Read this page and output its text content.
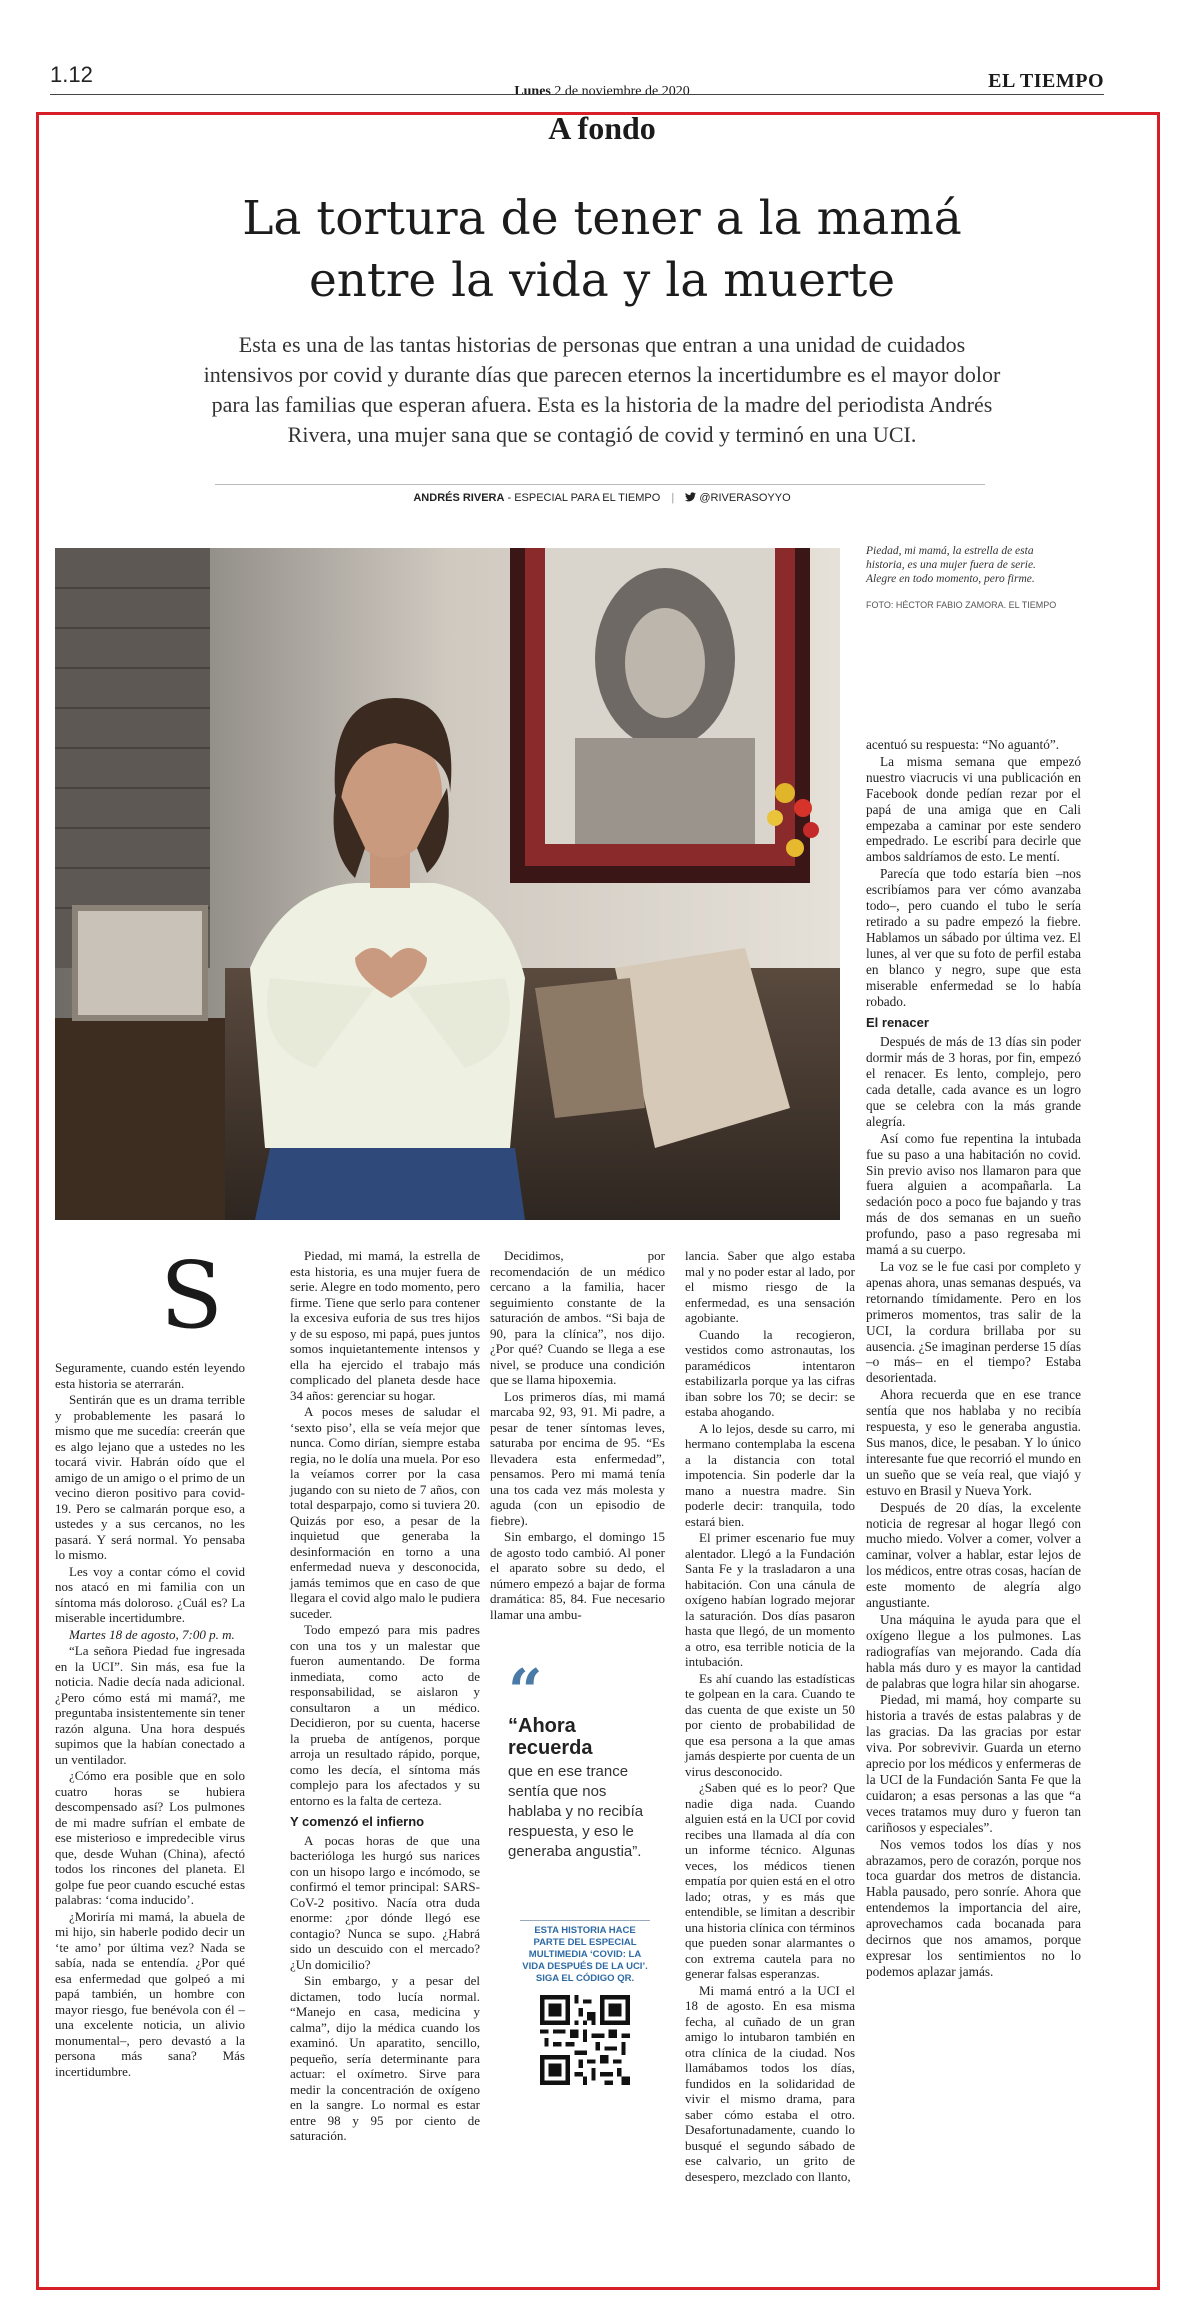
1.12
Lunes 2 de noviembre de 2020	EL TIEMPO
A fondo
La tortura de tener a la mamá
entre la vida y la muerte
Esta es una de las tantas historias de personas que entran a una unidad de cuidados intensivos por covid y durante días que parecen eternos la incertidumbre es el mayor dolor para las familias que esperan afuera. Esta es la historia de la madre del periodista Andrés Rivera, una mujer sana que se contagió de covid y terminó en una UCI.
ANDRÉS RIVERA - ESPECIAL PARA EL TIEMPO | @RIVERASOYYO
Piedad, mi mamá, la estrella de esta historia, es una mujer fuera de serie. Alegre en todo momento, pero firme.
FOTO: HÉCTOR FABIO ZAMORA. EL TIEMPO
S

Seguramente, cuando estén leyendo esta historia se aterrarán.

Sentirán que es un drama terrible y probablemente les pasará lo mismo que me sucedía: creerán que es algo lejano que a ustedes no les tocará vivir. Habrán oído que el amigo de un amigo o el primo de un vecino dieron positivo para covid-19. Pero se calmarán porque eso, a ustedes y a sus cercanos, no les pasará. Y será normal. Yo pensaba lo mismo.

Les voy a contar cómo el covid nos atacó en mi familia con un síntoma más doloroso. ¿Cuál es? La miserable incertidumbre.

Martes 18 de agosto, 7:00 p. m.

“La señora Piedad fue ingresada en la UCI”. Sin más, esa fue la noticia. Nadie decía nada adicional. ¿Pero cómo está mi mamá?, me preguntaba insistentemente sin tener razón alguna. Una hora después supimos que la habían conectado a un ventilador.

¿Cómo era posible que en solo cuatro horas se hubiera descompensado así? Los pulmones de mi madre sufrían el embate de ese misterioso e impredecible virus que, desde Wuhan (China), afectó todos los rincones del planeta. El golpe fue peor cuando escuché estas palabras: ‘coma inducido’.

¿Moriría mi mamá, la abuela de mi hijo, sin haberle podido decir un ‘te amo’ por última vez? Nada se sabía, nada se entendía. ¿Por qué esa enfermedad que golpeó a mi papá también, un hombre con mayor riesgo, fue benévola con él –una excelente noticia, un alivio monumental–, pero devastó a la persona más sana? Más incertidumbre.

Piedad, mi mamá, la estrella de esta historia, es una mujer fuera de serie. Alegre en todo momento, pero firme. Tiene que serlo para contener la excesiva euforia de sus tres hijos y de su esposo, mi papá, pues juntos somos inquietantemente intensos y ella ha ejercido el trabajo más complicado del planeta desde hace 34 años: gerenciar su hogar.

A pocos meses de saludar el ‘sexto piso’, ella se veía mejor que nunca. Como dirían, siempre estaba regia, no le dolía una muela. Por eso la veíamos correr por la casa jugando con su nieto de 7 años, con total desparpajo, como si tuviera 20. Quizás por eso, a pesar de la inquietud que generaba la desinformación en torno a una enfermedad nueva y desconocida, jamás temimos que en caso de que llegara el covid algo malo le pudiera suceder.

Todo empezó para mis padres con una tos y un malestar que fueron aumentando. De forma inmediata, como acto de responsabilidad, se aislaron y consultaron a un médico. Decidieron, por su cuenta, hacerse la prueba de antígenos, porque arroja un resultado rápido, porque, como les decía, el síntoma más complejo para los afectados y su entorno es la falta de certeza.

Y comenzó el infierno

A pocas horas de que una bacterióloga les hurgó sus narices con un hisopo largo e incómodo, se confirmó el temor principal: SARS-CoV-2 positivo. Nacía otra duda enorme: ¿por dónde llegó ese contagio? Nunca se supo. ¿Habrá sido un descuido con el mercado? ¿Un domicilio?

Sin embargo, y a pesar del dictamen, todo lucía normal. “Manejo en casa, medicina y calma”, dijo la médica cuando los examinó. Un aparatito, sencillo, pequeño, sería determinante para actuar: el oxímetro. Sirve para medir la concentración de oxígeno en la sangre. Lo normal es estar entre 98 y 95 por ciento de saturación.

Decidimos, por recomendación de un médico cercano a la familia, hacer seguimiento constante de la saturación de ambos. “Si baja de 90, para la clínica”, nos dijo. ¿Por qué? Cuando se llega a ese nivel, se produce una condición que se llama hipoxemia.

Los primeros días, mi mamá marcaba 92, 93, 91. Mi padre, a pesar de tener síntomas leves, saturaba por encima de 95. “Es llevadera esta enfermedad”, pensamos. Pero mi mamá tenía una tos cada vez más molesta y aguda (con un episodio de fiebre).

Sin embargo, el domingo 15 de agosto todo cambió. Al poner el aparato sobre su dedo, el número empezó a bajar de forma dramática: 85, 84. Fue necesario llamar una ambu-

“
“Ahora recuerda
que en ese trance sentía que nos hablaba y no recibía respuesta, y eso le generaba angustia”.
ESTA HISTORIA HACE PARTE DEL ESPECIAL MULTIMEDIA ‘COVID: LA VIDA DESPUÉS DE LA UCI’. SIGA EL CÓDIGO QR.

lancia. Saber que algo estaba mal y no poder estar al lado, por el mismo riesgo de la enfermedad, es una sensación agobiante.

Cuando la recogieron, vestidos como astronautas, los paramédicos intentaron estabilizarla porque ya las cifras iban sobre los 70; se decir: se estaba ahogando.

A lo lejos, desde su carro, mi hermano contemplaba la escena a la distancia con total impotencia. Sin poderle dar la mano a nuestra madre. Sin poderle decir: tranquila, todo estará bien.

El primer escenario fue muy alentador. Llegó a la Fundación Santa Fe y la trasladaron a una habitación. Con una cánula de oxígeno habían logrado mejorar la saturación. Dos días pasaron hasta que llegó, de un momento a otro, esa terrible noticia de la intubación.

Es ahí cuando las estadísticas te golpean en la cara. Cuando te das cuenta de que existe un 50 por ciento de probabilidad de que esa persona a la que amas jamás despierte por cuenta de un virus desconocido.

¿Saben qué es lo peor? Que nadie diga nada. Cuando alguien está en la UCI por covid recibes una llamada al día con un informe técnico. Algunas veces, los médicos tienen empatía por quien está en el otro lado; otras, y es más que entendible, se limitan a describir una historia clínica con términos que pueden sonar alarmantes o con extrema cautela para no generar falsas esperanzas.

Mi mamá entró a la UCI el 18 de agosto. En esa misma fecha, al cuñado de un gran amigo lo intubaron también en otra clínica de la ciudad. Nos llamábamos todos los días, fundidos en la solidaridad de vivir el mismo drama, para saber cómo estaba el otro. Desafortunadamente, cuando lo busqué el segundo sábado de ese calvario, un grito de desespero, mezclado con llanto,

acentuó su respuesta: “No aguantó”.

La misma semana que empezó nuestro viacrucis vi una publicación en Facebook donde pedían rezar por el papá de una amiga que en Cali empezaba a caminar por este sendero empedrado. Le escribí para decirle que ambos saldríamos de esto. Le mentí.

Parecía que todo estaría bien –nos escribíamos para ver cómo avanzaba todo–, pero cuando el tubo le sería retirado a su padre empezó la fiebre. Hablamos un sábado por última vez. El lunes, al ver que su foto de perfil estaba en blanco y negro, supe que esta miserable enfermedad se lo había robado.

El renacer

Después de más de 13 días sin poder dormir más de 3 horas, por fin, empezó el renacer. Es lento, complejo, pero cada detalle, cada avance es un logro que se celebra con la más grande alegría.

Así como fue repentina la intubada fue su paso a una habitación no covid. Sin previo aviso nos llamaron para que fuera alguien a acompañarla. La sedación poco a poco fue bajando y tras más de dos semanas en un sueño profundo, paso a paso regresaba mi mamá a su cuerpo.

La voz se le fue casi por completo y apenas ahora, unas semanas después, va retornando tímidamente. Pero en los primeros momentos, tras salir de la UCI, la cordura brillaba por su ausencia. ¿Se imaginan perderse 15 días –o más– en el tiempo? Estaba desorientada.

Ahora recuerda que en ese trance sentía que nos hablaba y no recibía respuesta, y eso le generaba angustia. Sus manos, dice, le pesaban. Y lo único interesante fue que recorrió el mundo en un sueño que se veía real, que viajó y estuvo en Brasil y Nueva York.

Después de 20 días, la excelente noticia de regresar al hogar llegó con mucho miedo. Volver a comer, volver a caminar, volver a hablar, estar lejos de los médicos, entre otras cosas, hacían de este momento de alegría algo angustiante.

Una máquina le ayuda para que el oxígeno llegue a los pulmones. Las radiografías van mejorando. Cada día habla más duro y es mayor la cantidad de palabras que logra hilar sin ahogarse.

Piedad, mi mamá, hoy comparte su historia a través de estas palabras y de las gracias. Da las gracias por estar viva. Por sobrevivir. Guarda un eterno aprecio por los médicos y enfermeras de la UCI de la Fundación Santa Fe que la cuidaron; a esas personas a las que “a veces tratamos muy duro y fueron tan cariñosos y especiales”.

Nos vemos todos los días y nos abrazamos, pero de corazón, porque nos toca guardar dos metros de distancia. Habla pausado, pero sonríe. Ahora que entendemos la importancia del aire, aprovechamos cada bocanada para decirnos que nos amamos, porque expresar los sentimientos no lo podemos aplazar jamás.
